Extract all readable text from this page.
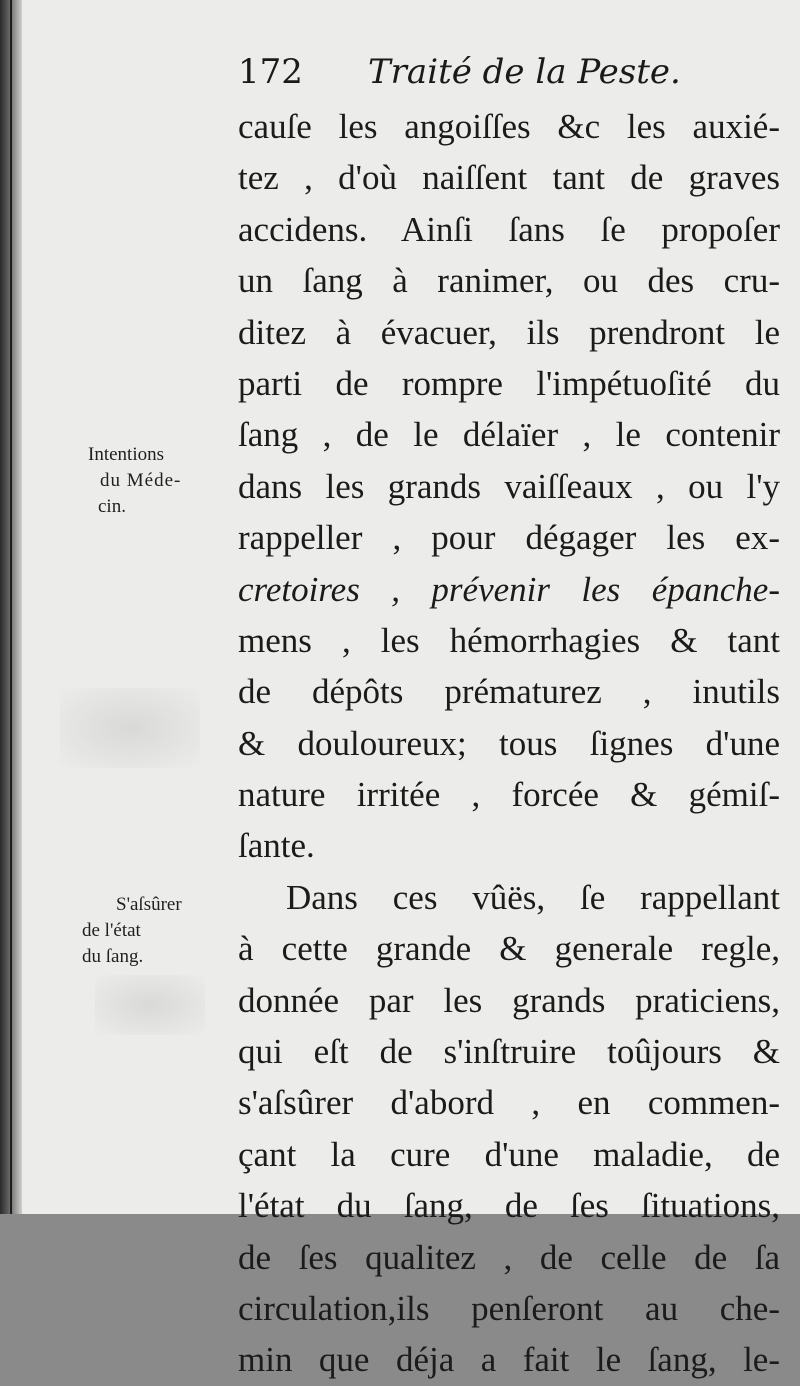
172 Traité de la Peste.
cauſe les angoiſſes &c les auxié-
tez , d'où naiſſent tant de graves
accidens. Ainſi ſans ſe propoſer
un ſang à ranimer, ou des cru-
ditez à évacuer, ils prendront le
parti de rompre l'impétuoſité du
ſang , de le délaïer , le contenir
dans les grands vaiſſeaux , ou l'y
rappeller , pour dégager les ex-
cretoires , prévenir les épanche-
mens , les hémorrhagies & tant
de dépôts prématurez , inutils
& douloureux; tous ſignes d'une
nature irritée , forcée & gémiſ-
ſante.
Dans ces vûës, ſe rappellant
à cette grande & generale regle,
donnée par les grands praticiens,
qui eſt de s'inſtruire toûjours &
s'aſsûrer d'abord , en commen-
çant la cure d'une maladie, de
l'état du ſang, de ſes ſituations,
de ſes qualitez , de celle de ſa
circulation,ils penſeront au che-
min que déja a fait le ſang, le-
Intentions
du Méde-
cin.
S'aſsûrer
de l'état
du ſang.
